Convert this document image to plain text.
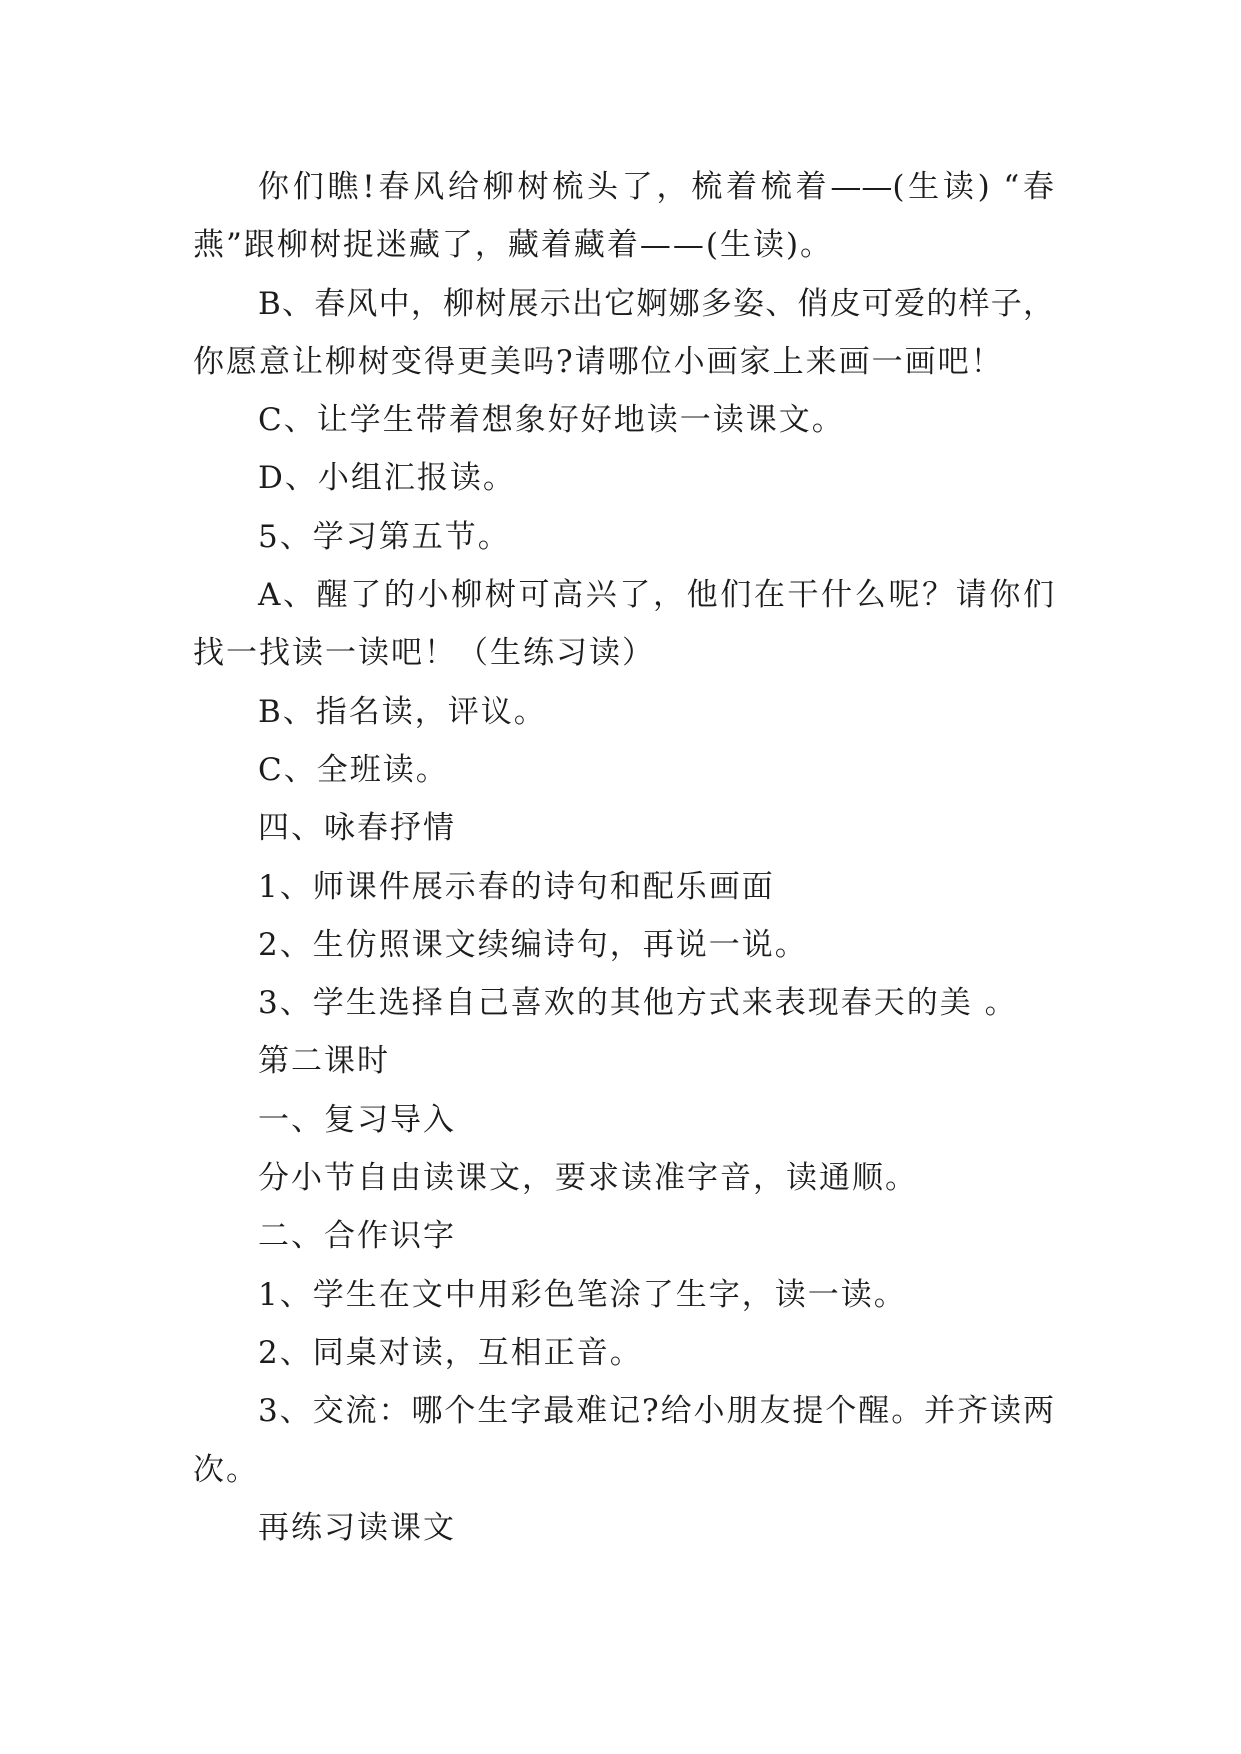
你们瞧!春风给柳树梳头了，梳着梳着——(生读) “春
燕”跟柳树捉迷藏了，藏着藏着——(生读)。
B、春风中，柳树展示出它婀娜多姿、俏皮可爱的样子，
你愿意让柳树变得更美吗?请哪位小画家上来画一画吧！
C、让学生带着想象好好地读一读课文。
D、小组汇报读。
5、学习第五节。
A、醒了的小柳树可高兴了，他们在干什么呢？请你们
找一找读一读吧！（生练习读）
B、指名读，评议。
C、全班读。
四、咏春抒情
1、师课件展示春的诗句和配乐画面
2、生仿照课文续编诗句，再说一说。
3、学生选择自己喜欢的其他方式来表现春天的美 。
第二课时
一、复习导入
分小节自由读课文，要求读准字音，读通顺。
二、合作识字
1、学生在文中用彩色笔涂了生字，读一读。
2、同桌对读，互相正音。
3、交流：哪个生字最难记?给小朋友提个醒。并齐读两
次。
再练习读课文
